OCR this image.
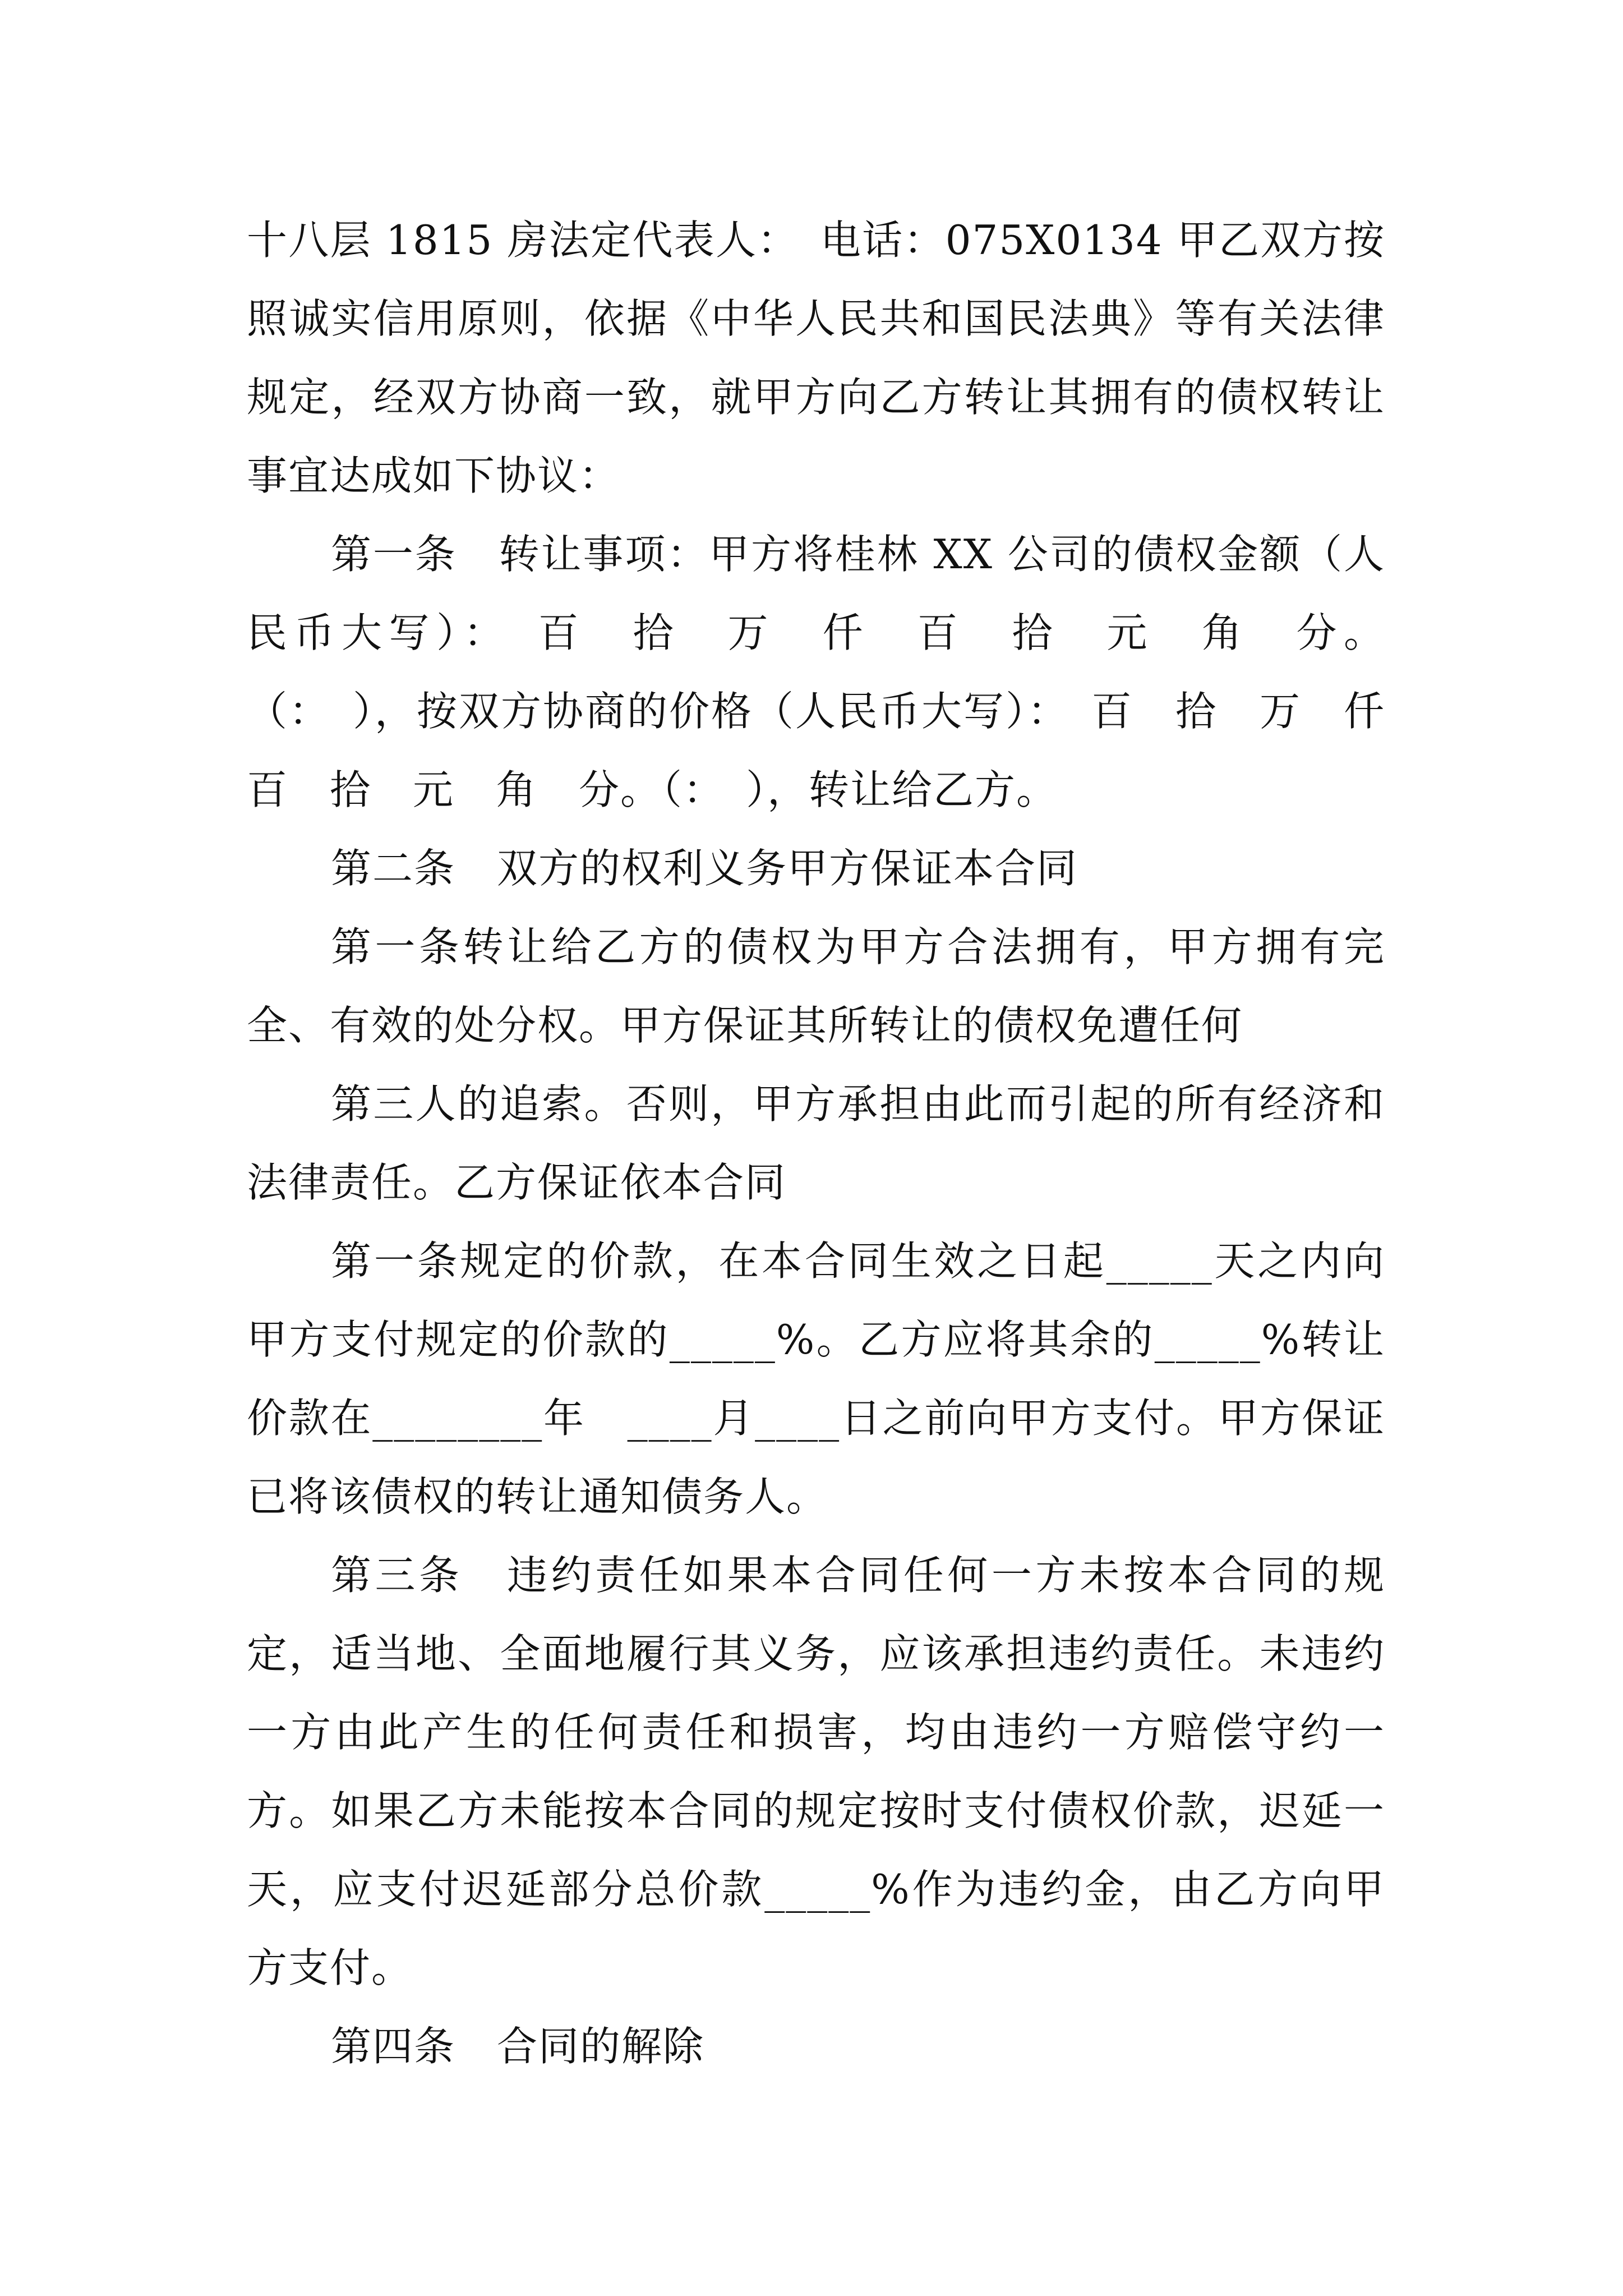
十八层 1815 房法定代表人：　电话：075X0134 甲乙双方按照诚实信用原则，依据《中华人民共和国民法典》等有关法律规定，经双方协商一致，就甲方向乙方转让其拥有的债权转让事宜达成如下协议：

第一条　转让事项：甲方将桂林 XX 公司的债权金额（人民币大写）：　百　拾　万　仟　百　拾　元　角　分。（：　），按双方协商的价格（人民币大写）：　百　拾　万　仟　百　拾　元　角　分。（：　），转让给乙方。

第二条　双方的权利义务甲方保证本合同

第一条转让给乙方的债权为甲方合法拥有，甲方拥有完全、有效的处分权。甲方保证其所转让的债权免遭任何

第三人的追索。否则，甲方承担由此而引起的所有经济和法律责任。乙方保证依本合同

第一条规定的价款，在本合同生效之日起_____天之内向甲方支付规定的价款的_____%。乙方应将其余的_____%转让价款在________年　____月____日之前向甲方支付。甲方保证已将该债权的转让通知债务人。

第三条　违约责任如果本合同任何一方未按本合同的规定，适当地、全面地履行其义务，应该承担违约责任。未违约一方由此产生的任何责任和损害，均由违约一方赔偿守约一方。如果乙方未能按本合同的规定按时支付债权价款，迟延一天，应支付迟延部分总价款_____%作为违约金，由乙方向甲方支付。

第四条　合同的解除
